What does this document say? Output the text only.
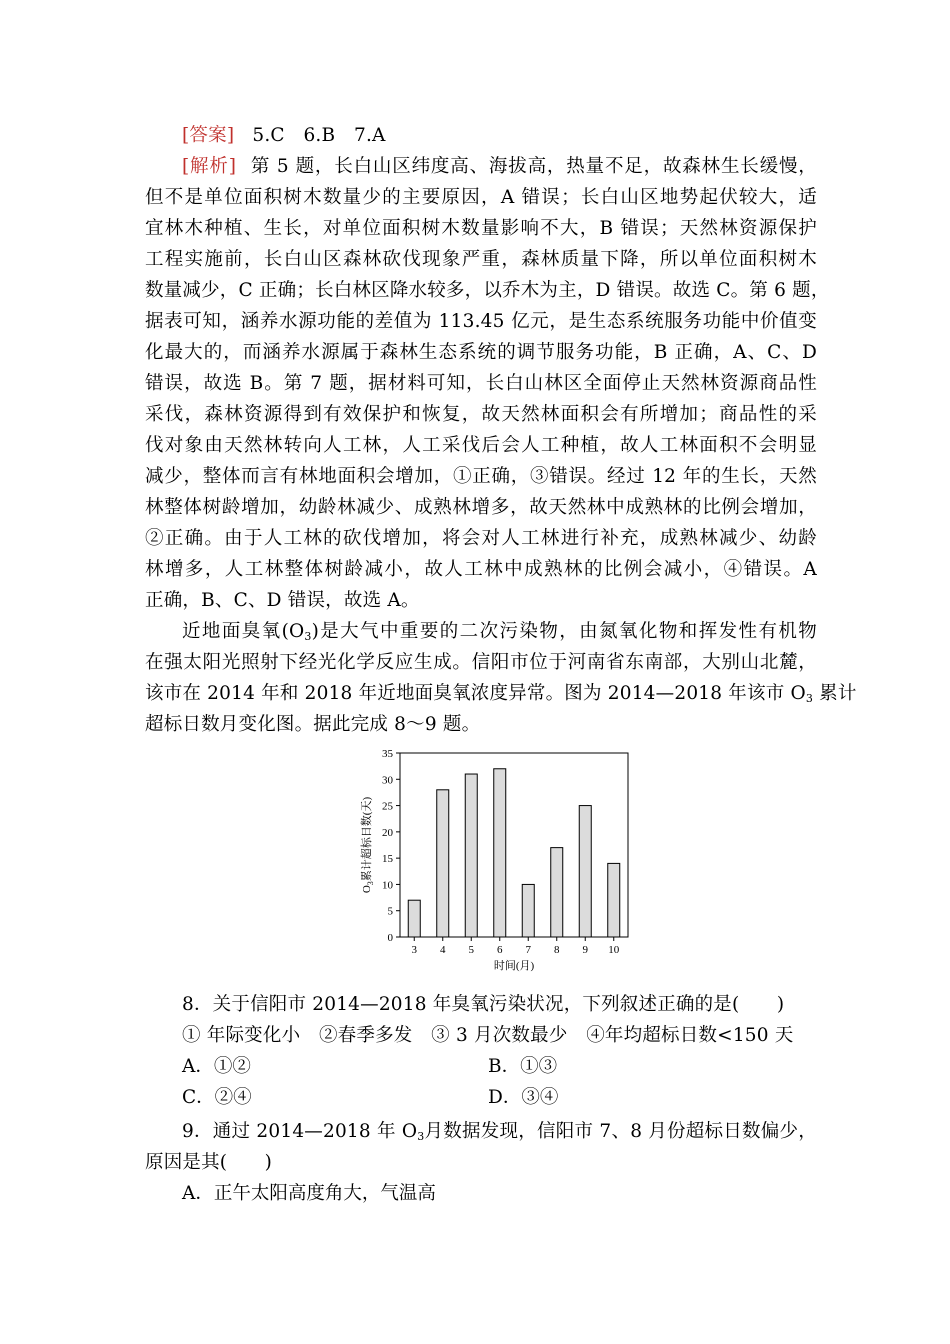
[答案] 5.C　6.B　7.A
[解析] 第 5 题，长白山区纬度高、海拔高，热量不足，故森林生长缓慢，
但不是单位面积树木数量少的主要原因，A 错误；长白山区地势起伏较大，适
宜林木种植、生长，对单位面积树木数量影响不大，B 错误；天然林资源保护
工程实施前，长白山区森林砍伐现象严重，森林质量下降，所以单位面积树木
数量减少，C 正确；长白林区降水较多，以乔木为主，D 错误。故选 C。第 6 题，
据表可知，涵养水源功能的差值为 113.45 亿元，是生态系统服务功能中价值变
化最大的，而涵养水源属于森林生态系统的调节服务功能，B 正确，A、C、D
错误，故选 B。第 7 题，据材料可知，长白山林区全面停止天然林资源商品性
采伐，森林资源得到有效保护和恢复，故天然林面积会有所增加；商品性的采
伐对象由天然林转向人工林，人工采伐后会人工种植，故人工林面积不会明显
减少，整体而言有林地面积会增加，①正确，③错误。经过 12 年的生长，天然
林整体树龄增加，幼龄林减少、成熟林增多，故天然林中成熟林的比例会增加，
②正确。由于人工林的砍伐增加，将会对人工林进行补充，成熟林减少、幼龄
林增多，人工林整体树龄减小，故人工林中成熟林的比例会减小，④错误。A
正确，B、C、D 错误，故选 A。
近地面臭氧$(O_3)$是大气中重要的二次污染物，由氮氧化物和挥发性有机物
在强太阳光照射下经光化学反应生成。信阳市位于河南省东南部，大别山北麓，
该市在 2014 年和 2018 年近地面臭氧浓度异常。图为 2014—2018 年该市 $O_3$ 累计
超标日数月变化图。据此完成 8～9 题。
0
5
10
15
20
25
30
35
3 4 5 6 7 8 9 10
$O_3$累计超标日数(天)
时间(月)
8．关于信阳市 2014—2018 年臭氧污染状况，下列叙述正确的是(　　)
① 年际变化小　②春季多发　③ 3 月次数最少　④年均超标日数<150 天
A．①②	B．①③
C．②④	D．③④
9．通过 2014—2018 年 $O_3$月数据发现，信阳市 7、8 月份超标日数偏少，
原因是其(　　)
A．正午太阳高度角大，气温高
